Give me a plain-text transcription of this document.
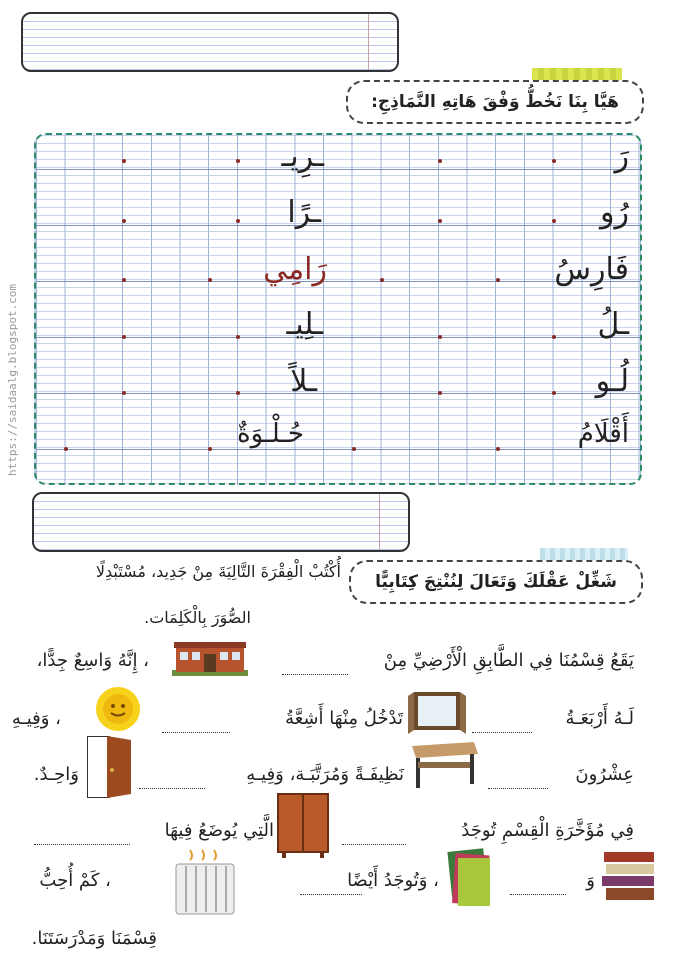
https://saidaalg.blogspot.com
هَيَّا بِنَا نَخُطُّ وَفْقَ هَاتِهِ النَّمَاذِجِ:
رَ
رُو
فَارِسُ
ـلُ
لُـو
أَقْلَامُ
ـرِيـ
ـرًا
رَامِي
ـلِيـ
ـلاً
حُـلْـوَةٌ
شَغِّلْ عَقْلَكَ وَتَعَالَ لِنُنْتِجَ كِتَابِيًّا
أُكْتُبْ الْفِقْرَةَ التَّالِيَةَ مِنْ جَدِيد، مُسْتَبْدِلًا
الصُّوَرَ بِالْكَلِمَات.
يَقَعُ قِسْمُنَا فِي الطَّابِقِ الْأَرْضِيِّ مِنْ
، إِنَّهُ وَاسِعٌ جِدًّا،
لَـهُ أَرْبَعَـةُ
تَدْخُلُ مِنْهَا أَشِعَّةُ
، وَفِيـهِ
عِشْرُونَ
نَظِيفَـةً وَمُرَتَّبَـة، وَفِيـهِ
وَاحِـدٌ.
فِي مُؤَخَّرَةِ الْقِسْمِ تُوجَدُ
الَّتِي يُوضَعُ فِيهَا
وَ
، وَتُوجَدُ أَيْضًا
، كَمْ أُحِبُّ
قِسْمَنَا وَمَدْرَسَتَنَا.
